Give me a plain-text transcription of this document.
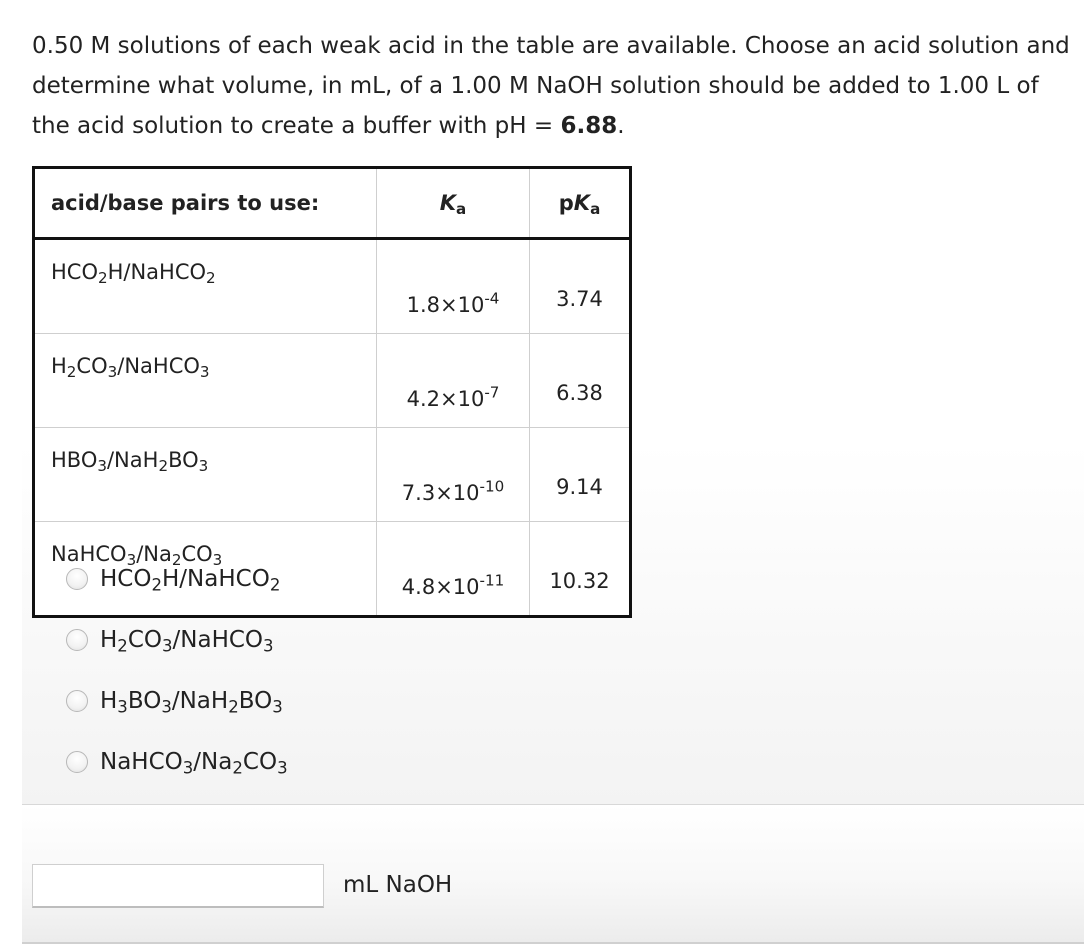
0.50 M solutions of each weak acid in the table are available. Choose an acid solution and determine what volume, in mL, of a 1.00 M NaOH solution should be added to 1.00 L of the acid solution to create a buffer with pH = 6.88.
acid/base pairs to use:	$K_a$	$pK_a$
$HCO_2H/NaHCO_2$	$1.8\times 10^{-4}$	3.74
$H_2CO_3/NaHCO_3$	$4.2\times 10^{-7}$	6.38
$HBO_3/NaH_2BO_3$	$7.3\times 10^{-10}$	9.14
$NaHCO_3/Na_2CO_3$	$4.8\times 10^{-11}$	10.32
$HCO_2H/NaHCO_2$
$H_2CO_3/NaHCO_3$
$H_3BO_3/NaH_2BO_3$
$NaHCO_3/Na_2CO_3$
mL NaOH
